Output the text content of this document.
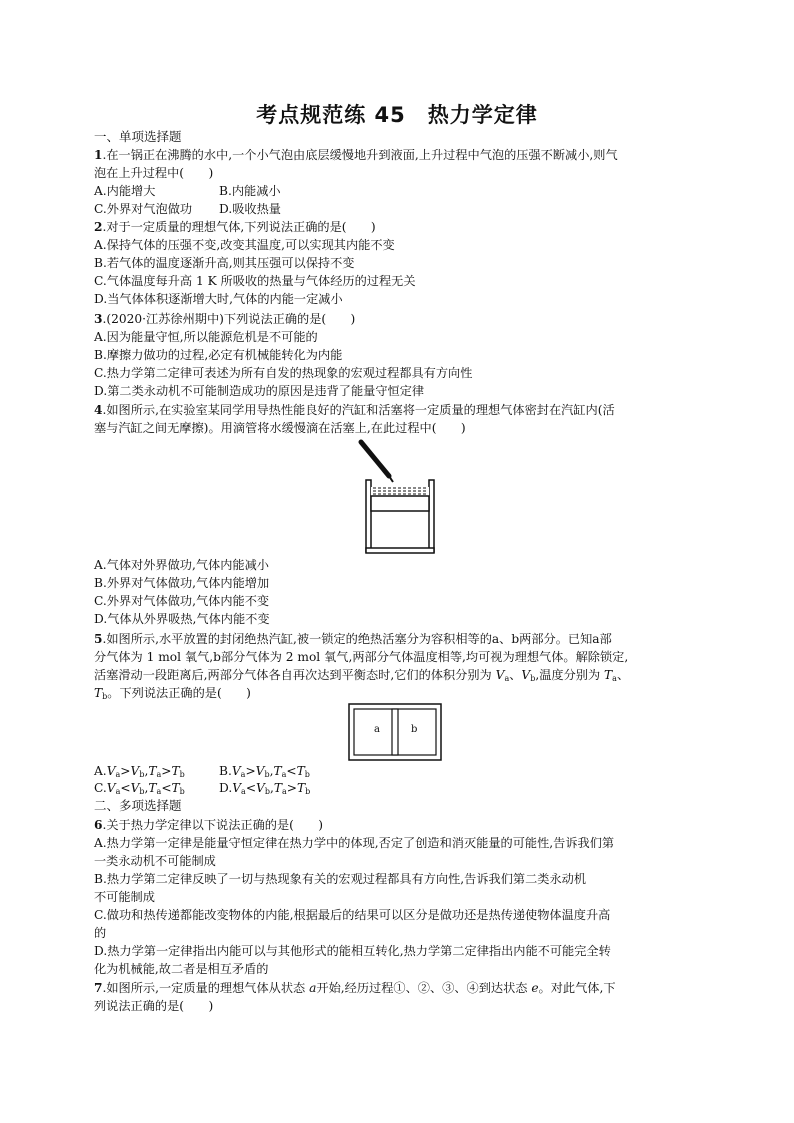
考点规范练 45　热力学定律
一、单项选择题
1.在一锅正在沸腾的水中,一个小气泡由底层缓慢地升到液面,上升过程中气泡的压强不断减小,则气
泡在上升过程中(　　)
A.内能增大	B.内能减小
C.外界对气泡做功 D.吸收热量
2.对于一定质量的理想气体,下列说法正确的是(　　)
A.保持气体的压强不变,改变其温度,可以实现其内能不变
B.若气体的温度逐渐升高,则其压强可以保持不变
C.气体温度每升高 1 K 所吸收的热量与气体经历的过程无关
D.当气体体积逐渐增大时,气体的内能一定减小
3.(2020·江苏徐州期中)下列说法正确的是(　　)
A.因为能量守恒,所以能源危机是不可能的
B.摩擦力做功的过程,必定有机械能转化为内能
C.热力学第二定律可表述为所有自发的热现象的宏观过程都具有方向性
D.第二类永动机不可能制造成功的原因是违背了能量守恒定律
4.如图所示,在实验室某同学用导热性能良好的汽缸和活塞将一定质量的理想气体密封在汽缸内(活
塞与汽缸之间无摩擦)。用滴管将水缓慢滴在活塞上,在此过程中(　　)
A.气体对外界做功,气体内能减小
B.外界对气体做功,气体内能增加
C.外界对气体做功,气体内能不变
D.气体从外界吸热,气体内能不变
5.如图所示,水平放置的封闭绝热汽缸,被一锁定的绝热活塞分为容积相等的a、b两部分。已知a部
分气体为 1 mol 氧气,b部分气体为 2 mol 氧气,两部分气体温度相等,均可视为理想气体。解除锁定,
活塞滑动一段距离后,两部分气体各自再次达到平衡态时,它们的体积分别为 $V_a$、$V_b$,温度分别为 $T_a$、
$T_b$。下列说法正确的是(　　)
a	b
$A.V_a>V_b,T_a>T_b$	$B.V_a>V_b,T_a<T_b$
$C.V_a<V_b,T_a<T_b$	$D.V_a<V_b,T_a>T_b$
二、多项选择题
6.关于热力学定律以下说法正确的是(　　)
A.热力学第一定律是能量守恒定律在热力学中的体现,否定了创造和消灭能量的可能性,告诉我们第
一类永动机不可能制成
B.热力学第二定律反映了一切与热现象有关的宏观过程都具有方向性,告诉我们第二类永动机
不可能制成
C.做功和热传递都能改变物体的内能,根据最后的结果可以区分是做功还是热传递使物体温度升高
的
D.热力学第一定律指出内能可以与其他形式的能相互转化,热力学第二定律指出内能不可能完全转
化为机械能,故二者是相互矛盾的
7.如图所示,一定质量的理想气体从状态 a开始,经历过程①、②、③、④到达状态 e。对此气体,下
列说法正确的是(　　)
